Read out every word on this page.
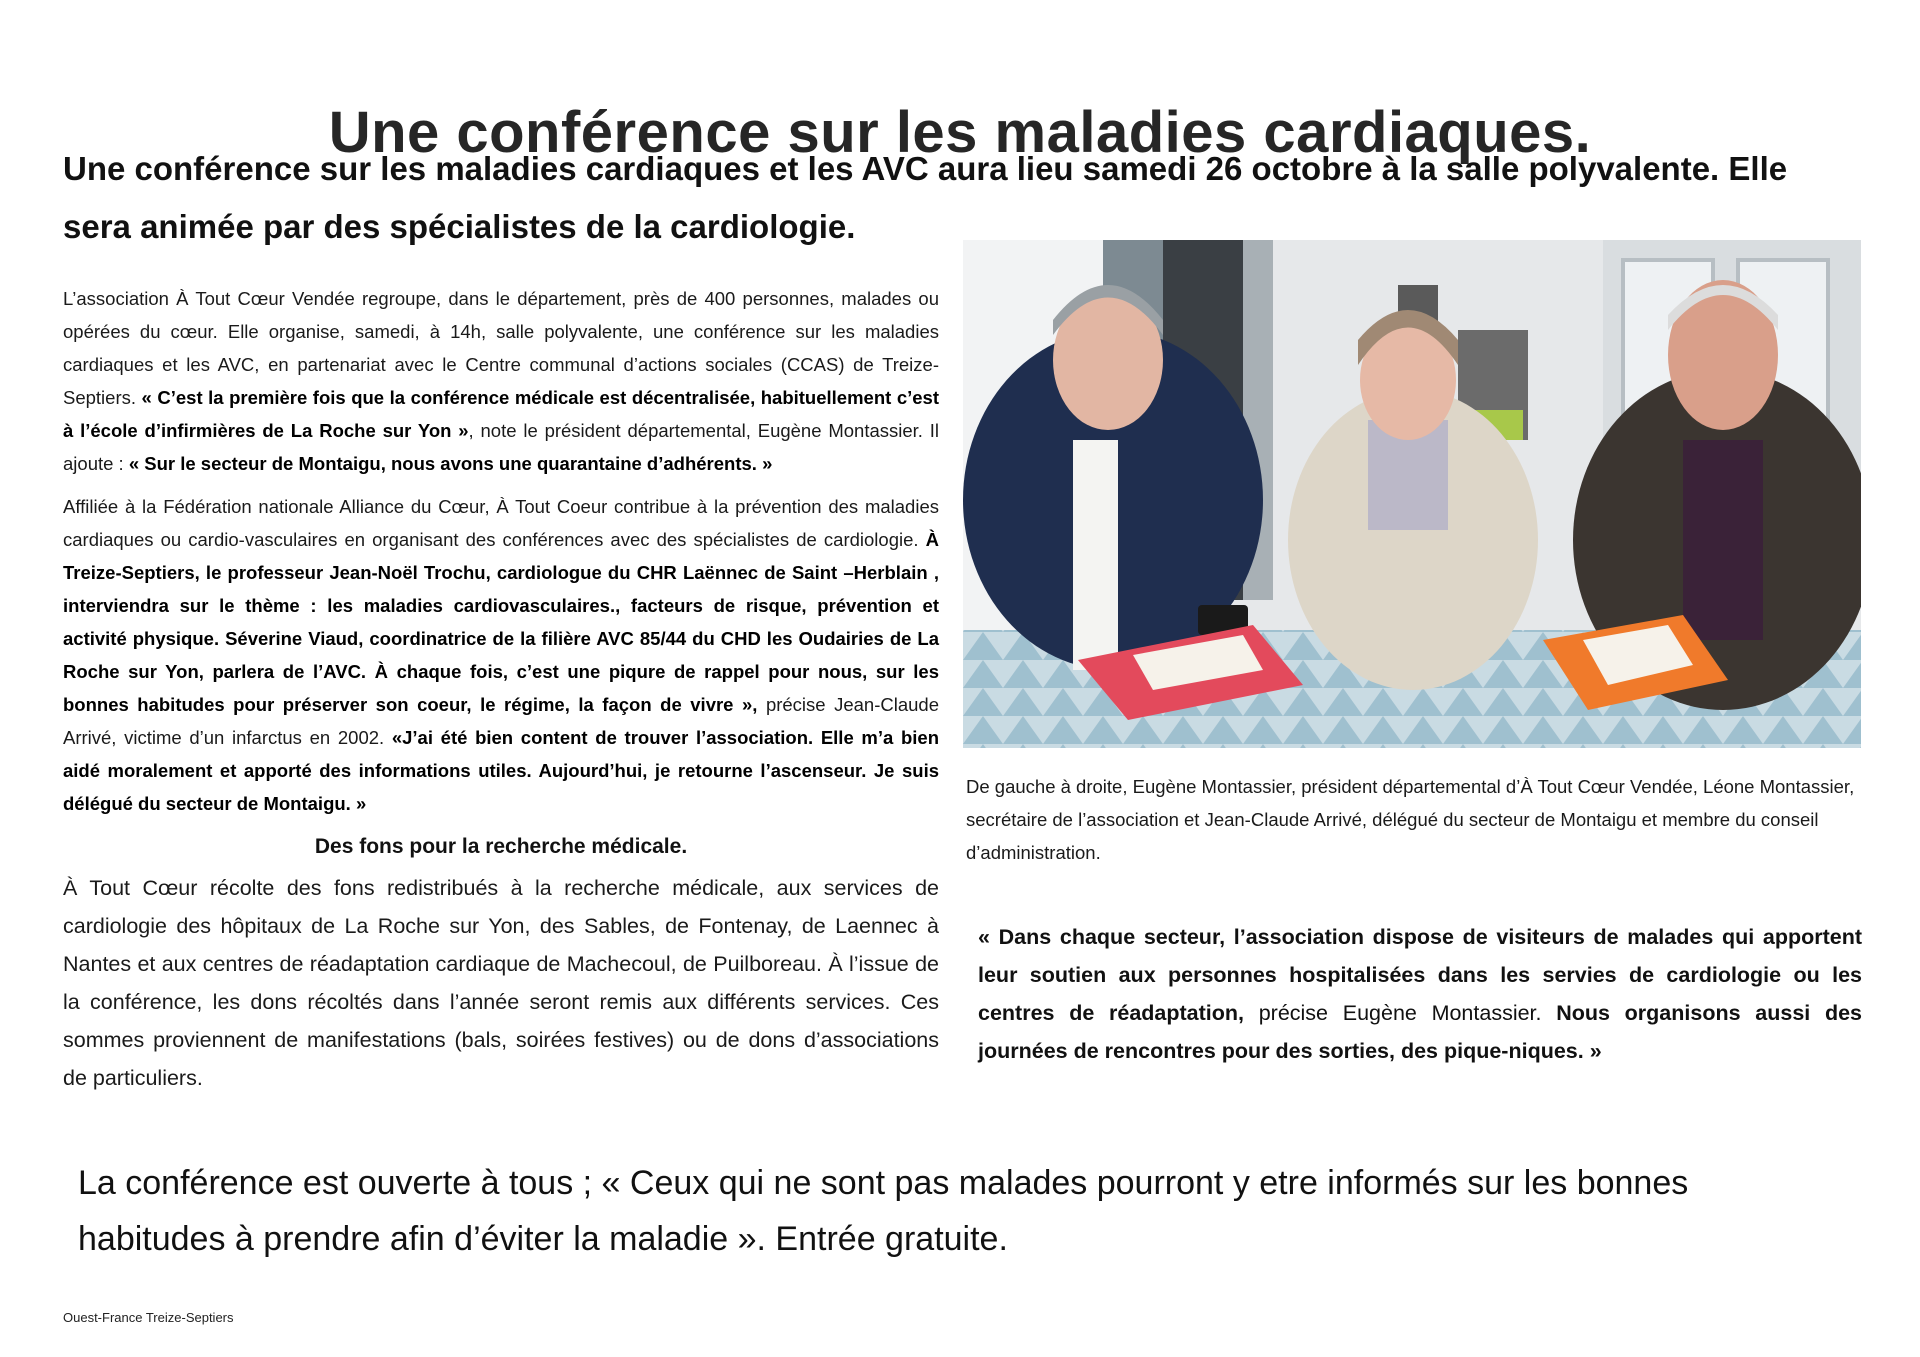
Une conférence sur les maladies cardiaques.
Une conférence sur les maladies cardiaques et les AVC aura lieu samedi 26 octobre à la salle polyvalente. Elle sera animée par des spécialistes de la cardiologie.

L’association À Tout Cœur Vendée regroupe, dans le département, près de 400 personnes, malades ou opérées du cœur. Elle organise, samedi, à 14h, salle polyvalente, une conférence sur les maladies cardiaques et les AVC, en partenariat avec le Centre communal d’actions sociales (CCAS) de Treize-Septiers. « C’est la première fois que la conférence médicale est décentralisée, habituellement c’est à l’école d’infirmières de La Roche sur Yon », note le président départemental, Eugène Montassier. Il ajoute : « Sur le secteur de Montaigu, nous avons une quarantaine d’adhérents. »

Affiliée à la Fédération nationale Alliance du Cœur, À Tout Coeur contribue à la prévention des maladies cardiaques ou cardio-vasculaires en organisant des conférences avec des spécialistes de cardiologie. À Treize-Septiers, le professeur Jean-Noël Trochu, cardiologue du CHR Laënnec de Saint –Herblain , interviendra sur le thème : les maladies cardiovasculaires., facteurs de risque, prévention et activité physique. Séverine Viaud, coordinatrice de la filière AVC 85/44 du CHD les Oudairies de La Roche sur Yon, parlera de l’AVC. À chaque fois, c’est une piqure de rappel pour nous, sur les bonnes habitudes pour préserver son coeur, le régime, la façon de vivre », précise Jean-Claude Arrivé, victime d’un infarctus en 2002. «J’ai été bien content de trouver l’association. Elle m’a bien aidé moralement et apporté des informations utiles. Aujourd’hui, je retourne l’ascenseur. Je suis délégué du secteur de Montaigu. »

Des fons pour la recherche médicale.

À Tout Cœur récolte des fons redistribués à la recherche médicale, aux services de cardiologie des hôpitaux de La Roche sur Yon, des Sables, de Fontenay, de Laennec à Nantes et aux centres de réadaptation cardiaque de Machecoul, de Puilboreau. À l’issue de la conférence, les dons récoltés dans l’année seront remis aux différents services. Ces sommes proviennent de manifestations (bals, soirées festives) ou de dons d’associations de particuliers.

De gauche à droite, Eugène Montassier, président départemental d’À Tout Cœur Vendée, Léone Montassier, secrétaire de l’association et Jean-Claude Arrivé, délégué du secteur de Montaigu et membre du conseil d’administration.
« Dans chaque secteur, l’association dispose de visiteurs de malades qui apportent leur soutien aux personnes hospitalisées dans les servies de cardiologie ou les centres de réadaptation, précise Eugène Montassier. Nous organisons aussi des journées de rencontres pour des sorties, des pique-niques. »
La conférence est ouverte à tous ; « Ceux qui ne sont pas malades pourront y etre informés sur les bonnes habitudes à prendre afin d’éviter la maladie ». Entrée gratuite.
Ouest-France Treize-Septiers
